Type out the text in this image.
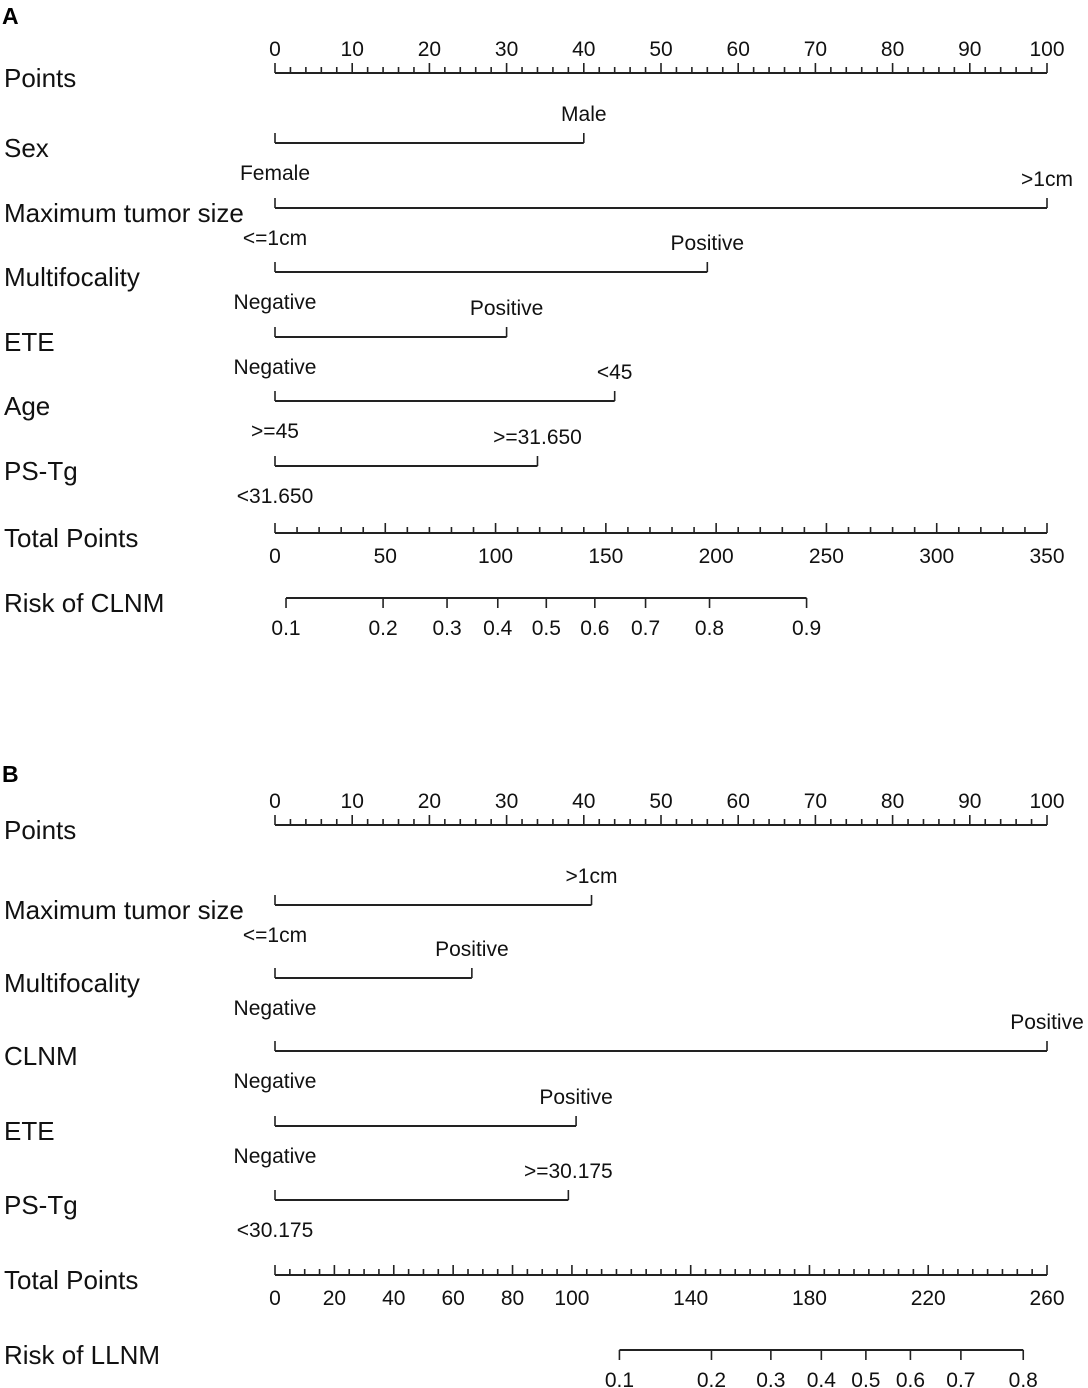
A
Points
0	10	20	30	40	50	60	70	80	90 100
Sex
Female
Male
Maximum tumor size
<=1cm
>1cm
Multifocality
Negative
Positive
ETE
Negative
Positive
Age
>=45
<45
PS-Tg
<31.650
>=31.650
Total Points
0	50	100	150	200	250	300	350
Risk of CLNM
0.1	0.2 0.3 0.4 0.5 0.6 0.7 0.8	0.9
B
Points
0	10	20	30	40	50	60	70	80	90 100
Maximum tumor size
<=1cm
>1cm
Multifocality
Negative
Positive
CLNM
Negative
Positive
ETE
Negative
Positive
PS-Tg
<30.175
>=30.175
Total Points
0 20 40 60 80 100	140	180	220	260
Risk of LLNM
0.1	0.2 0.3 0.4 0.5 0.6 0.7 0.8
